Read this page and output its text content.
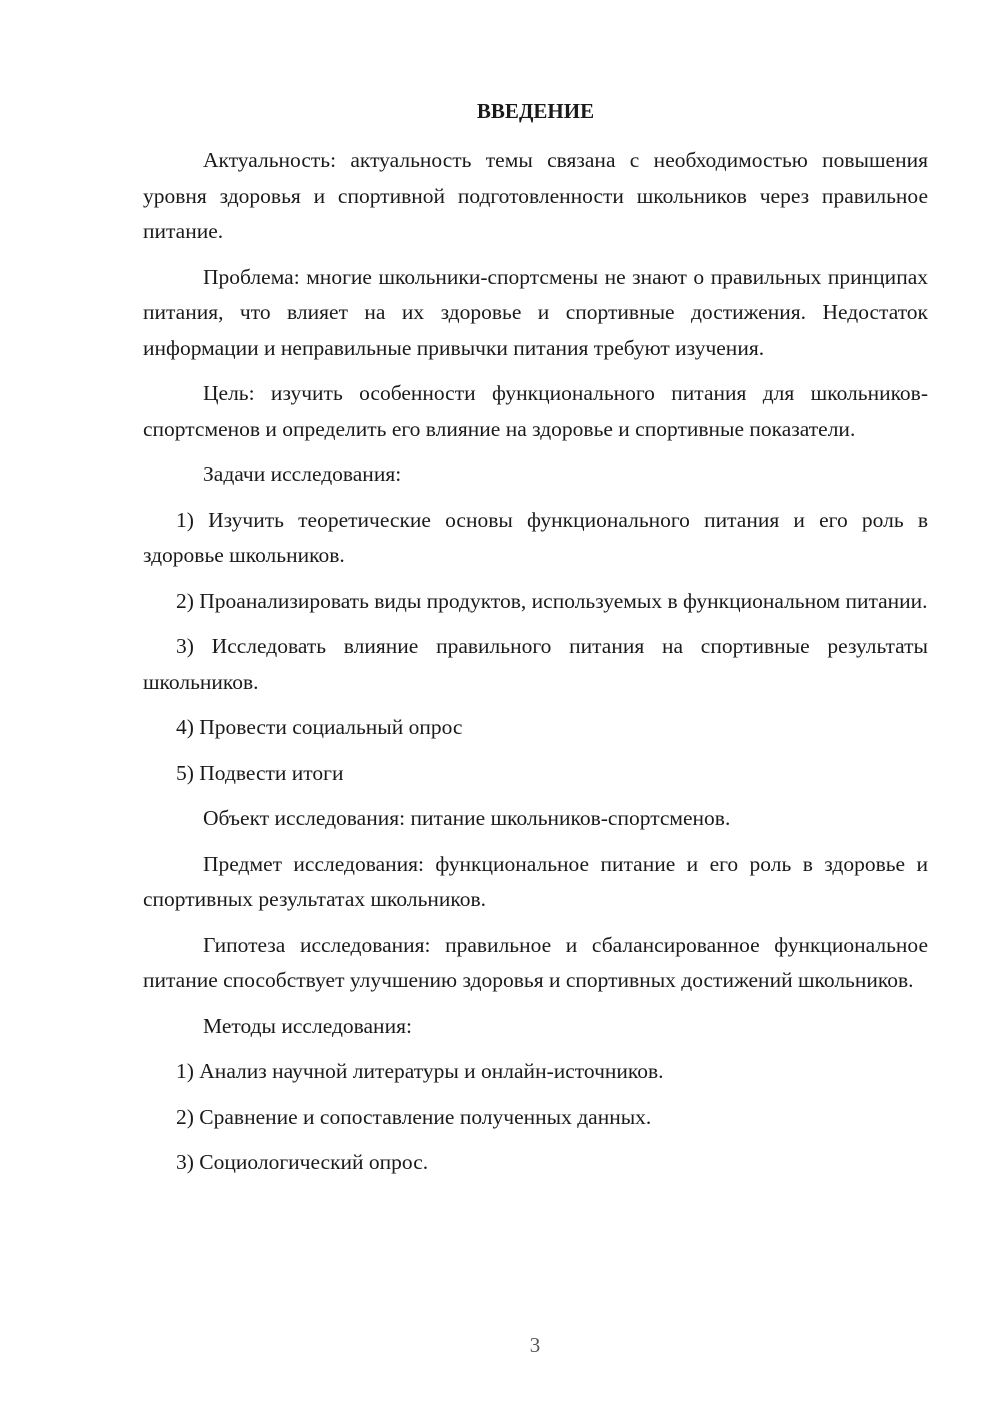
ВВЕДЕНИЕ

Актуальность: актуальность темы связана с необходимостью повышения уровня здоровья и спортивной подготовленности школьников через правильное питание.

Проблема: многие школьники-спортсмены не знают о правильных принципах питания, что влияет на их здоровье и спортивные достижения. Недостаток информации и неправильные привычки питания требуют изучения.

Цель: изучить особенности функционального питания для школьников-спортсменов и определить его влияние на здоровье и спортивные показатели.

Задачи исследования:

1) Изучить теоретические основы функционального питания и его роль в здоровье школьников.

2) Проанализировать виды продуктов, используемых в функциональном питании.

3) Исследовать влияние правильного питания на спортивные результаты школьников.

4) Провести социальный опрос

5) Подвести итоги

Объект исследования: питание школьников-спортсменов.

Предмет исследования: функциональное питание и его роль в здоровье и спортивных результатах школьников.

Гипотеза исследования: правильное и сбалансированное функциональное питание способствует улучшению здоровья и спортивных достижений школьников.

Методы исследования:

1) Анализ научной литературы и онлайн-источников.

2) Сравнение и сопоставление полученных данных.

3) Социологический опрос.

3
